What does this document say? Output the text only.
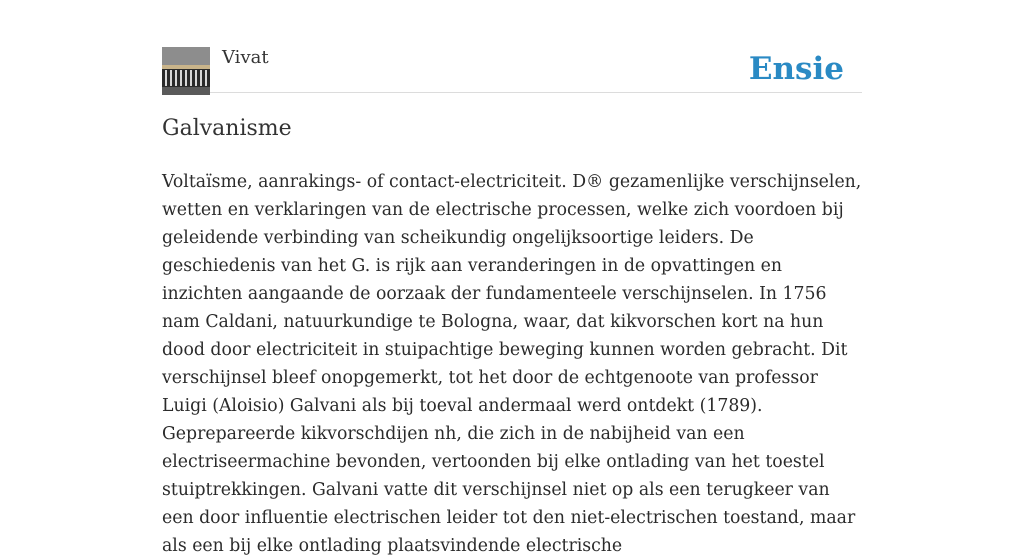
Vivat	Ensie
Galvanisme

Voltaïsme, aanrakings- of contact-electriciteit. D® gezamenlijke verschijnselen, wetten en verklaringen van de electrische processen, welke zich voordoen bij geleidende verbinding van scheikundig ongelijksoortige leiders. De geschiedenis van het G. is rijk aan veranderingen in de opvattingen en inzichten aangaande de oorzaak der fundamenteele verschijnselen. In 1756 nam Caldani, natuurkundige te Bologna, waar, dat kikvorschen kort na hun dood door electriciteit in stuipachtige beweging kunnen worden gebracht. Dit verschijnsel bleef onopgemerkt, tot het door de echtgenoote van professor Luigi (Aloisio) Galvani als bij toeval andermaal werd ontdekt (1789). Geprepareerde kikvorschdijen nh, die zich in de nabijheid van een electriseermachine bevonden, vertoonden bij elke ontlading van het toestel stuiptrekkingen. Galvani vatte dit verschijnsel niet op als een terugkeer van een door influentie electrischen leider tot den niet-electrischen toestand, maar als een bij elke ontlading plaatsvindende electrische
